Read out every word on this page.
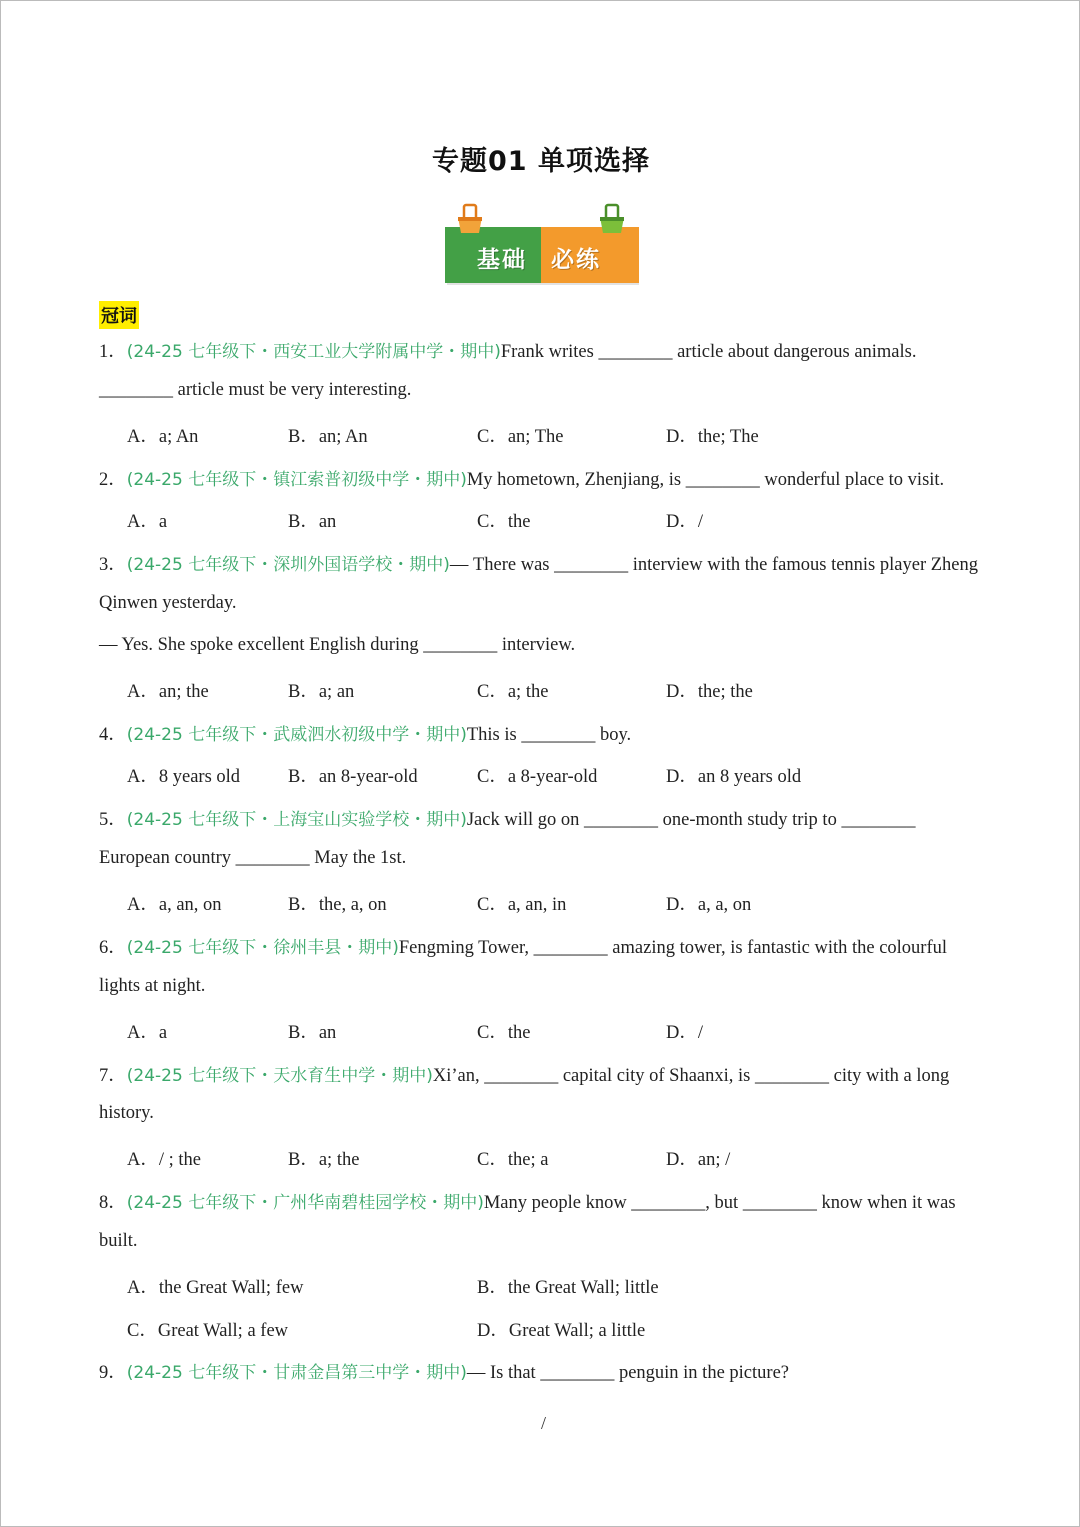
专题01 单项选择
基础 必练
冠词
1．(24-25 七年级下・西安工业大学附属中学・期中)Frank writes ________ article about dangerous animals.
________ article must be very interesting.
2．(24-25 七年级下・镇江索普初级中学・期中)My hometown, Zhenjiang, is ________ wonderful place to visit.
3．(24-25 七年级下・深圳外国语学校・期中)— There was ________ interview with the famous tennis player Zheng
Qinwen yesterday.
— Yes. She spoke excellent English during ________ interview.
4．(24-25 七年级下・武威泗水初级中学・期中)This is ________ boy.
5．(24-25 七年级下・上海宝山实验学校・期中)Jack will go on ________ one-month study trip to ________
European country ________ May the 1st.
6．(24-25 七年级下・徐州丰县・期中)Fengming Tower, ________ amazing tower, is fantastic with the colourful
lights at night.
7．(24-25 七年级下・天水育生中学・期中)Xi’an, ________ capital city of Shaanxi, is ________ city with a long
history.
8．(24-25 七年级下・广州华南碧桂园学校・期中)Many people know ________, but ________ know when it was
built.
9．(24-25 七年级下・甘肃金昌第三中学・期中)— Is that ________ penguin in the picture?
A．a; An	B．an; An	C．an; The	D．the; The
A．a	B．an	C．the	D．/
A．an; the	B．a; an	C．a; the	D．the; the
A．8 years old	B．an 8-year-old	C．a 8-year-old	D．an 8 years old
A．a, an, on	B．the, a, on	C．a, an, in	D．a, a, on
A．a	B．an	C．the	D．/
A．/ ; the	B．a; the	C．the; a	D．an; /
A．the Great Wall; few	B．the Great Wall; little
C．Great Wall; a few	D．Great Wall; a little
/
